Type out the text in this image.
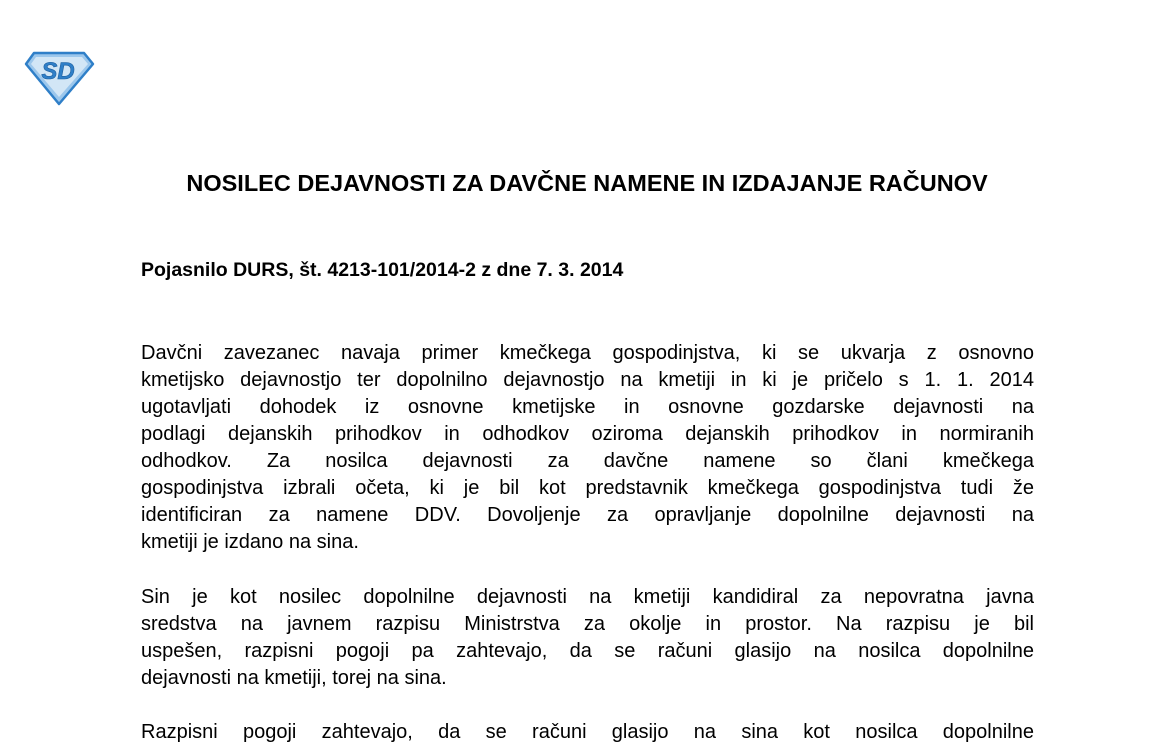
SD
NOSILEC DEJAVNOSTI ZA DAVČNE NAMENE IN IZDAJANJE RAČUNOV
Pojasnilo DURS, št. 4213-101/2014-2 z dne 7. 3. 2014
Davčni zavezanec navaja primer kmečkega gospodinjstva, ki se ukvarja z osnovno
kmetijsko dejavnostjo ter dopolnilno dejavnostjo na kmetiji in ki je pričelo s 1. 1. 2014
ugotavljati dohodek iz osnovne kmetijske in osnovne gozdarske dejavnosti na
podlagi dejanskih prihodkov in odhodkov oziroma dejanskih prihodkov in normiranih
odhodkov. Za nosilca dejavnosti za davčne namene so člani kmečkega
gospodinjstva izbrali očeta, ki je bil kot predstavnik kmečkega gospodinjstva tudi že
identificiran za namene DDV. Dovoljenje za opravljanje dopolnilne dejavnosti na
kmetiji je izdano na sina.
Sin je kot nosilec dopolnilne dejavnosti na kmetiji kandidiral za nepovratna javna
sredstva na javnem razpisu Ministrstva za okolje in prostor. Na razpisu je bil
uspešen, razpisni pogoji pa zahtevajo, da se računi glasijo na nosilca dopolnilne
dejavnosti na kmetiji, torej na sina.
Razpisni pogoji zahtevajo, da se računi glasijo na sina kot nosilca dopolnilne
